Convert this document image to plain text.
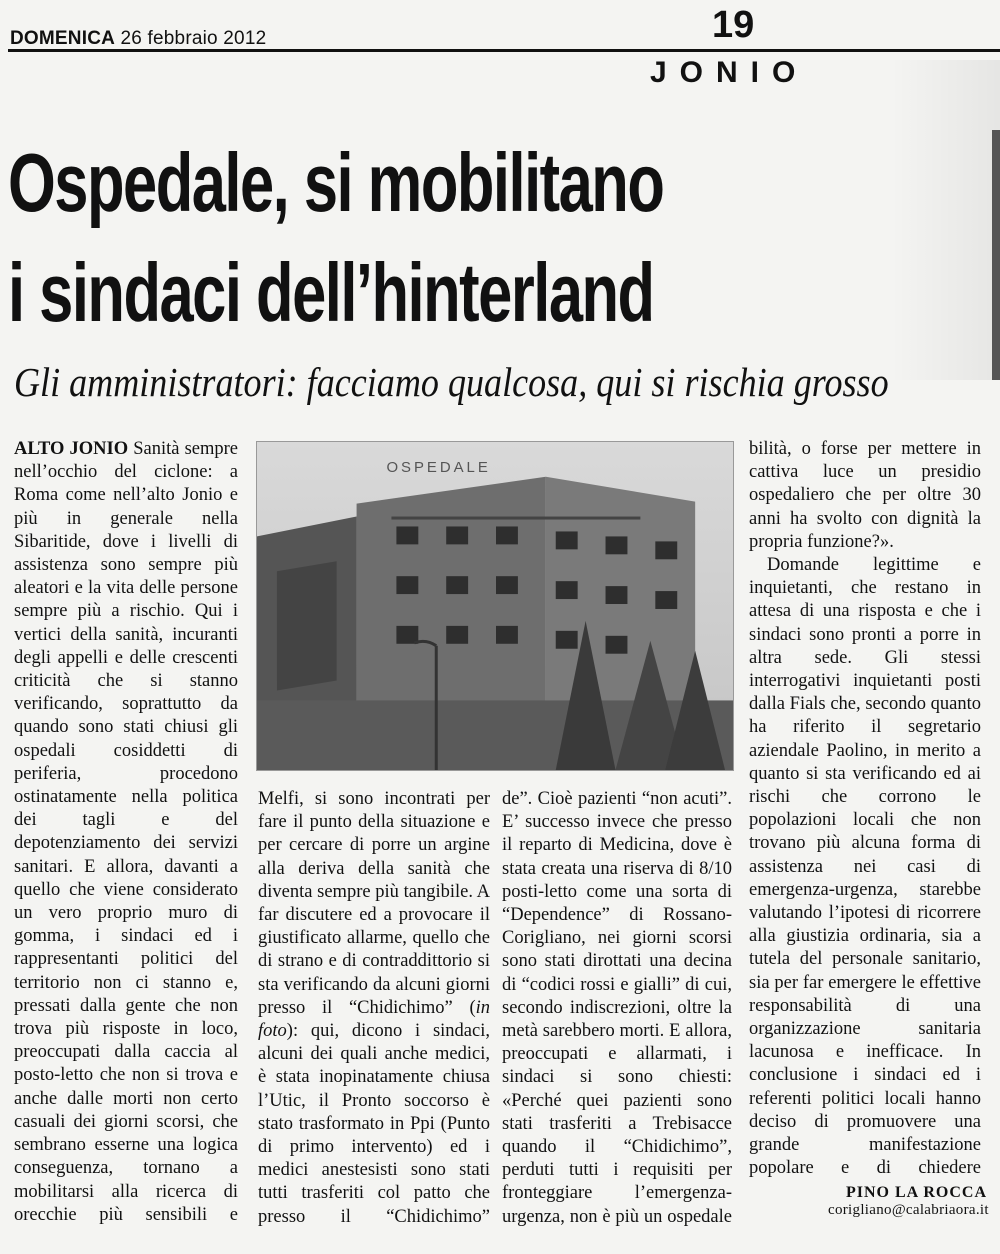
DOMENICA 26 febbraio 2012	19
JONIO
Ospedale, si mobilitano
i sindaci dell’hinterland
Gli amministratori: facciamo qualcosa, qui si rischia grosso

ALTO JONIO Sanità sempre nell’occhio del ciclone: a Roma come nell’alto Jonio e più in generale nella Sibaritide, dove i livelli di assistenza sono sempre più aleatori e la vita delle persone sempre più a rischio. Qui i vertici della sanità, incuranti degli appelli e delle crescenti criticità che si stanno verificando, soprattutto da quando sono stati chiusi gli ospedali cosiddetti di periferia, procedono ostinatamente nella politica dei tagli e del depotenziamento dei servizi sanitari. E allora, davanti a quello che viene considerato un vero proprio muro di gomma, i sindaci ed i rappresentanti politici del territorio non ci stanno e, pressati dalla gente che non trova più risposte in loco, preoccupati dalla caccia al posto-letto che non si trova e anche dalle morti non certo casuali dei giorni scorsi, che sembrano esserne una logica conseguenza, tornano a mobilitarsi alla ricerca di orecchie più sensibili e

OSPEDALE

Melfi, si sono incontrati per fare il punto della situazione e per cercare di porre un argine alla deriva della sanità che diventa sempre più tangibile. A far discutere ed a provocare il giustificato allarme, quello che di strano e di contraddittorio si sta verificando da alcuni giorni presso il “Chidichimo” (in foto): qui, dicono i sindaci, alcuni dei quali anche medici, è stata inopinatamente chiusa l’Utic, il Pronto soccorso è stato trasformato in Ppi (Punto di primo intervento) ed i medici anestesisti sono stati tutti trasferiti col patto che presso il “Chidichimo”

de”. Cioè pazienti “non acuti”. E’ successo invece che presso il reparto di Medicina, dove è stata creata una riserva di 8/10 posti-letto come una sorta di “Dependence” di Rossano-Corigliano, nei giorni scorsi sono stati dirottati una decina di “codici rossi e gialli” di cui, secondo indiscrezioni, oltre la metà sarebbero morti. E allora, preoccupati e allarmati, i sindaci si sono chiesti: «Perché quei pazienti sono stati trasferiti a Trebisacce quando il “Chidichimo”, perduti tutti i requisiti per fronteggiare l’emergenza-urgenza, non è più un ospedale

bilità, o forse per mettere in cattiva luce un presidio ospedaliero che per oltre 30 anni ha svolto con dignità la propria funzione?».

Domande legittime e inquietanti, che restano in attesa di una risposta e che i sindaci sono pronti a porre in altra sede. Gli stessi interrogativi inquietanti posti dalla Fials che, secondo quanto ha riferito il segretario aziendale Paolino, in merito a quanto si sta verificando ed ai rischi che corrono le popolazioni locali che non trovano più alcuna forma di assistenza nei casi di emergenza-urgenza, starebbe valutando l’ipotesi di ricorrere alla giustizia ordinaria, sia a tutela del personale sanitario, sia per far emergere le effettive responsabilità di una organizzazione sanitaria lacunosa e inefficace. In conclusione i sindaci ed i referenti politici locali hanno deciso di promuovere una grande manifestazione popolare e di chiedere

PINO LA ROCCA
corigliano@calabriaora.it
